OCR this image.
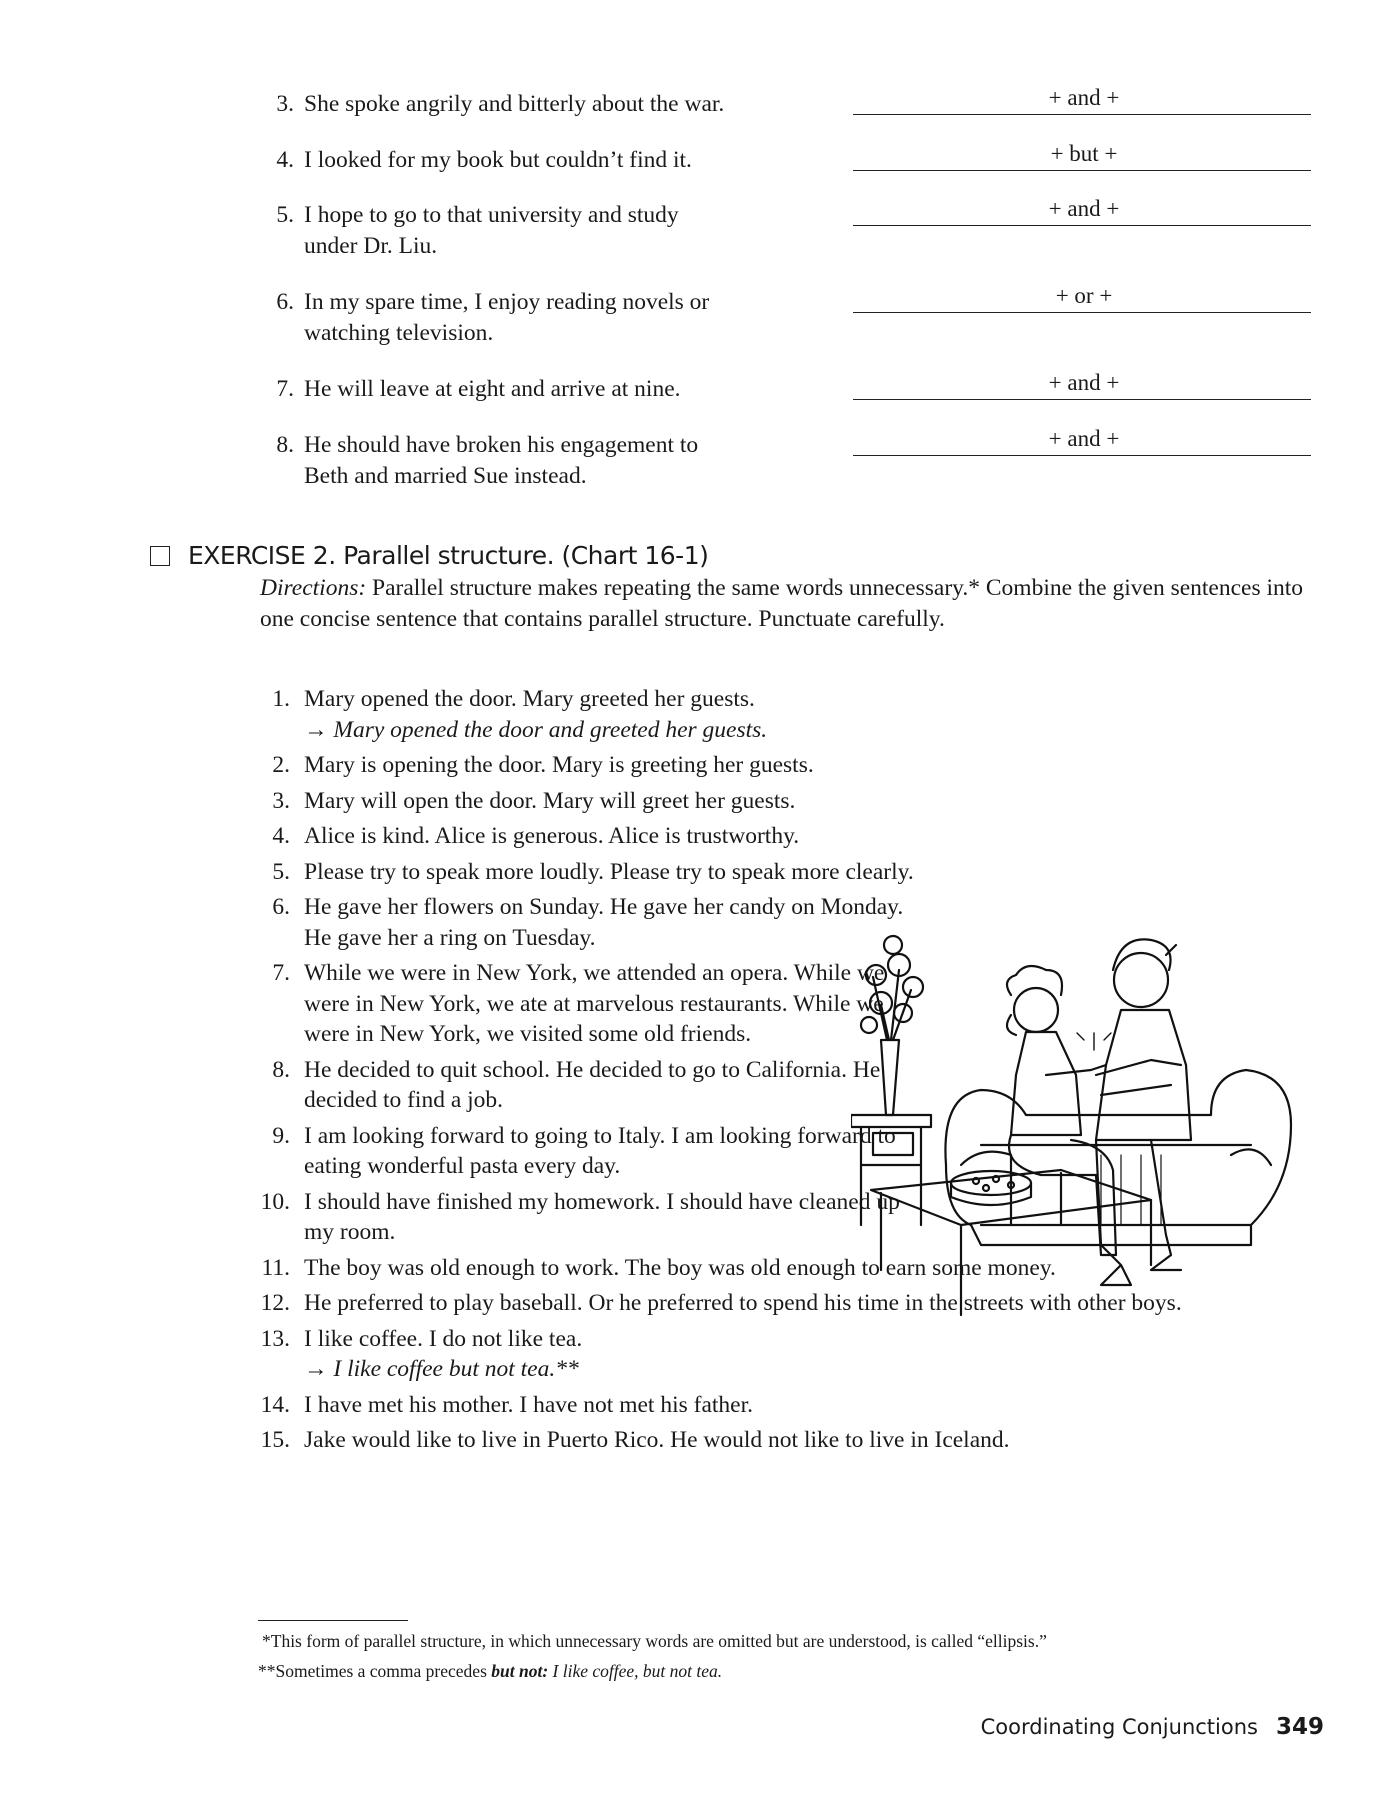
3. She spoke angrily and bitterly about the war.	+ and +
4. I looked for my book but couldn’t find it.	+ but +
5. I hope to go to that university and study
under Dr. Liu.
+ and +
6. In my spare time, I enjoy reading novels or
watching television.
+ or +
7. He will leave at eight and arrive at nine.	+ and +
8. He should have broken his engagement to
Beth and married Sue instead.
+ and +
EXERCISE 2. Parallel structure. (Chart 16-1)
Directions: Parallel structure makes repeating the same words unnecessary.* Combine the given sentences into one concise sentence that contains parallel structure. Punctuate carefully.
1. Mary opened the door. Mary greeted her guests.
→ Mary opened the door and greeted her guests.
2. Mary is opening the door. Mary is greeting her guests.
3. Mary will open the door. Mary will greet her guests.
4. Alice is kind. Alice is generous. Alice is trustworthy.
5. Please try to speak more loudly. Please try to speak more clearly.
6. He gave her flowers on Sunday. He gave her candy on Monday. He gave her a ring on Tuesday.
7. While we were in New York, we attended an opera. While we were in New York, we ate at marvelous restaurants. While we were in New York, we visited some old friends.
8. He decided to quit school. He decided to go to California. He decided to find a job.
9. I am looking forward to going to Italy. I am looking forward to eating wonderful pasta every day.
10. I should have finished my homework. I should have cleaned up my room.
11. The boy was old enough to work. The boy was old enough to earn some money.
12. He preferred to play baseball. Or he preferred to spend his time in the streets with other boys.
13. I like coffee. I do not like tea.
→ I like coffee but not tea.**
14. I have met his mother. I have not met his father.
15. Jake would like to live in Puerto Rico. He would not like to live in Iceland.
*This form of parallel structure, in which unnecessary words are omitted but are understood, is called “ellipsis.”
**Sometimes a comma precedes but not: I like coffee, but not tea.
Coordinating Conjunctions 349
